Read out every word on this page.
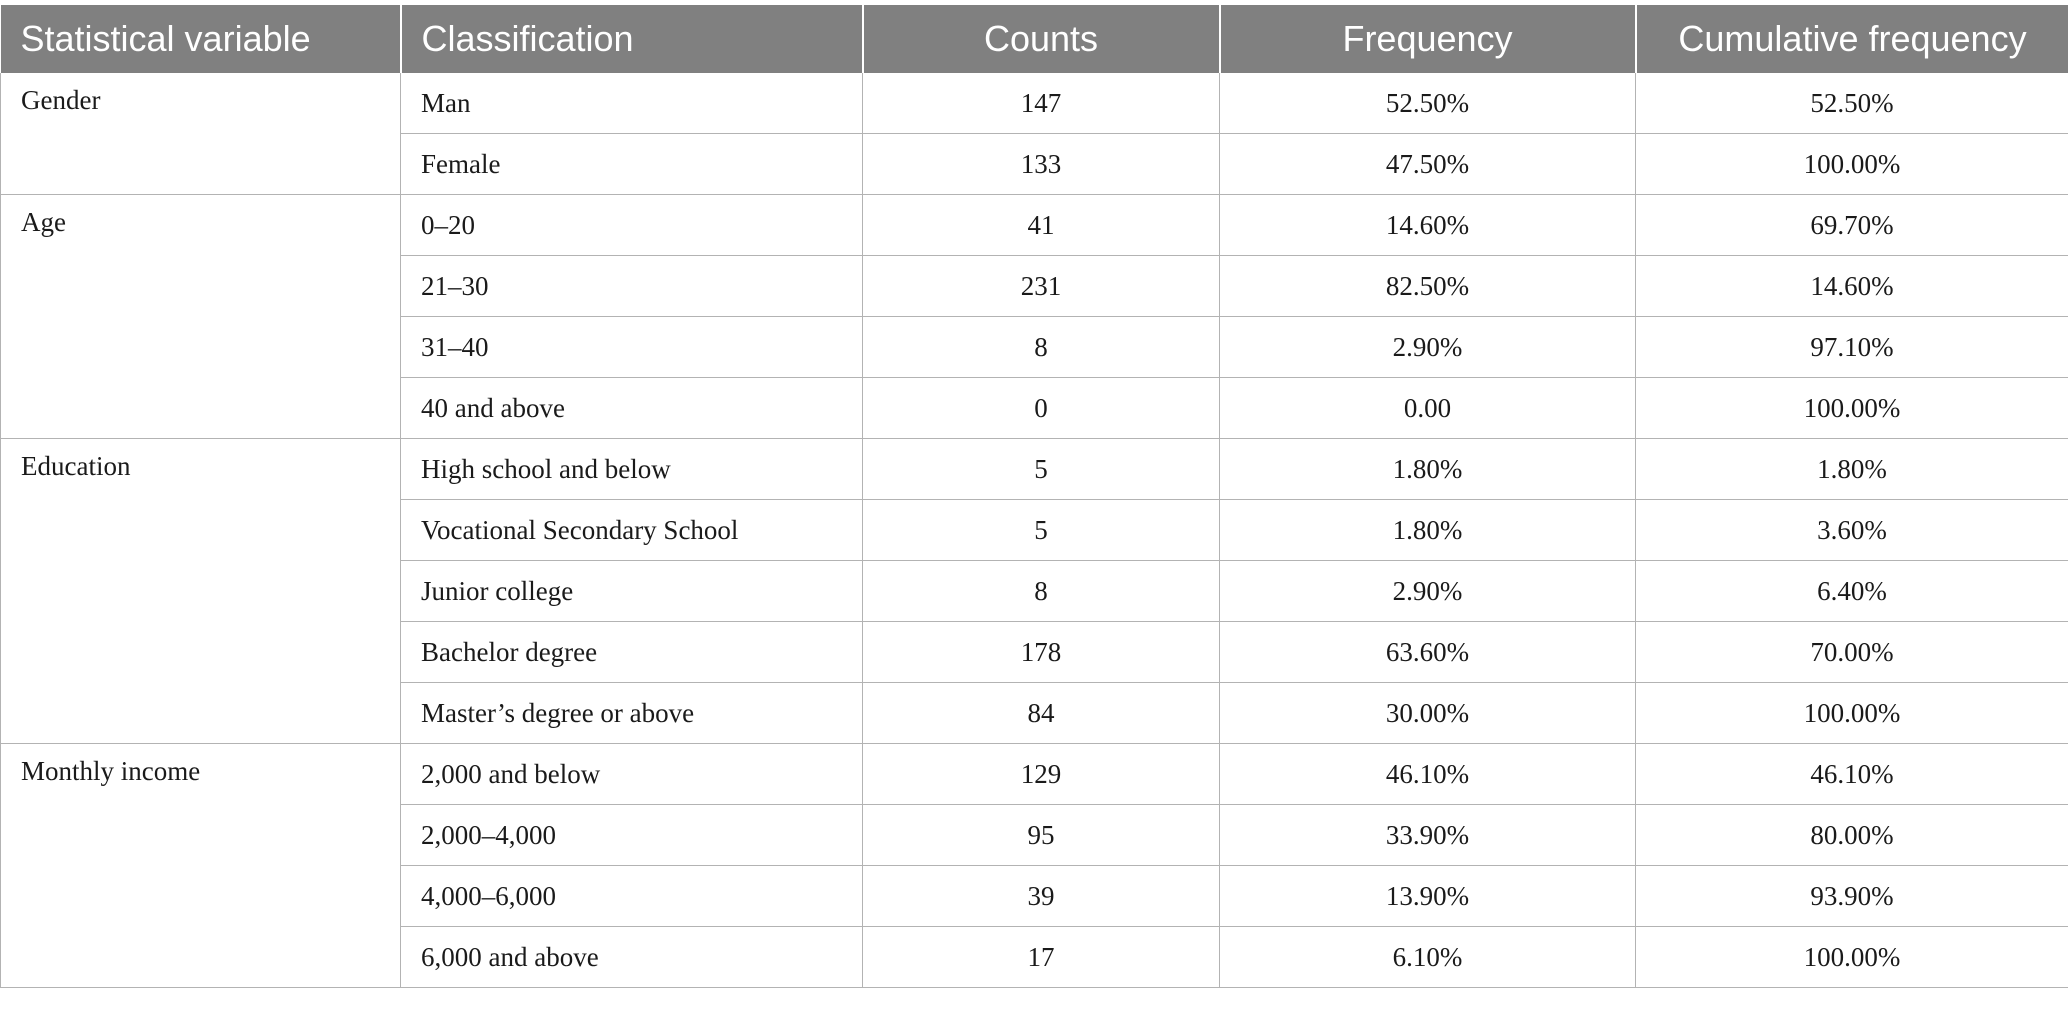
Statistical variable	Classification	Counts	Frequency	Cumulative frequency
Gender	Man	147	52.50%	52.50%
	Female	133	47.50%	100.00%
Age	0–20	41	14.60%	69.70%
	21–30	231	82.50%	14.60%
	31–40	8	2.90%	97.10%
	40 and above	0	0.00	100.00%
Education	High school and below	5	1.80%	1.80%
	Vocational Secondary School	5	1.80%	3.60%
	Junior college	8	2.90%	6.40%
	Bachelor degree	178	63.60%	70.00%
	Master’s degree or above	84	30.00%	100.00%
Monthly income	2,000 and below	129	46.10%	46.10%
	2,000–4,000	95	33.90%	80.00%
	4,000–6,000	39	13.90%	93.90%
	6,000 and above	17	6.10%	100.00%
